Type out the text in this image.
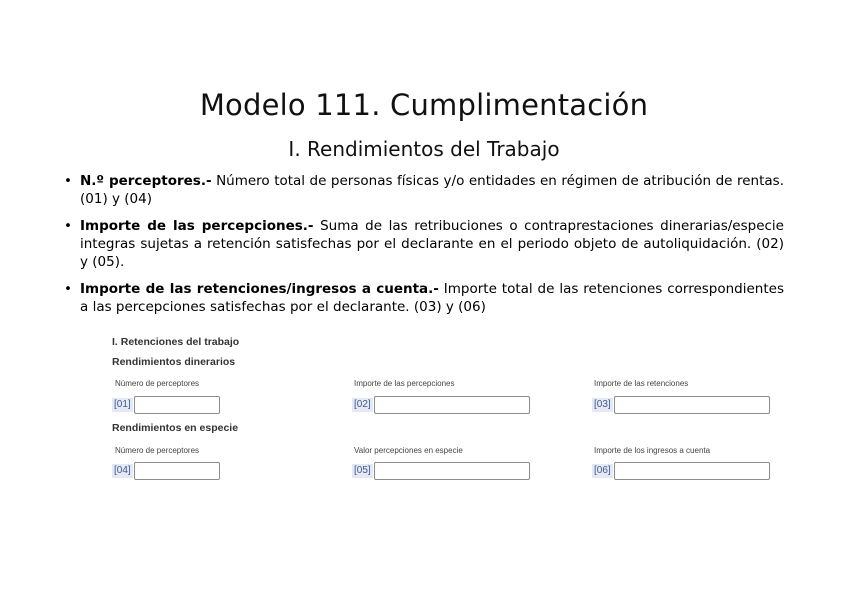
Modelo 111. Cumplimentación
I. Rendimientos del Trabajo
• N.º perceptores.- Número total de personas físicas y/o entidades en régimen de atribución de rentas. (01) y (04)
• Importe de las percepciones.- Suma de las retribuciones o contraprestaciones dinerarias/especie integras sujetas a retención satisfechas por el declarante en el periodo objeto de autoliquidación. (02) y (05).
• Importe de las retenciones/ingresos a cuenta.- Importe total de las retenciones correspondientes a las percepciones satisfechas por el declarante. (03) y (06)
I. Retenciones del trabajo
Rendimientos dinerarios
Número de perceptores	Importe de las percepciones	Importe de las retenciones
[01]	[02]	[03]
Rendimientos en especie
Número de perceptores	Valor percepciones en especie	Importe de los ingresos a cuenta
[04]	[05]	[06]
